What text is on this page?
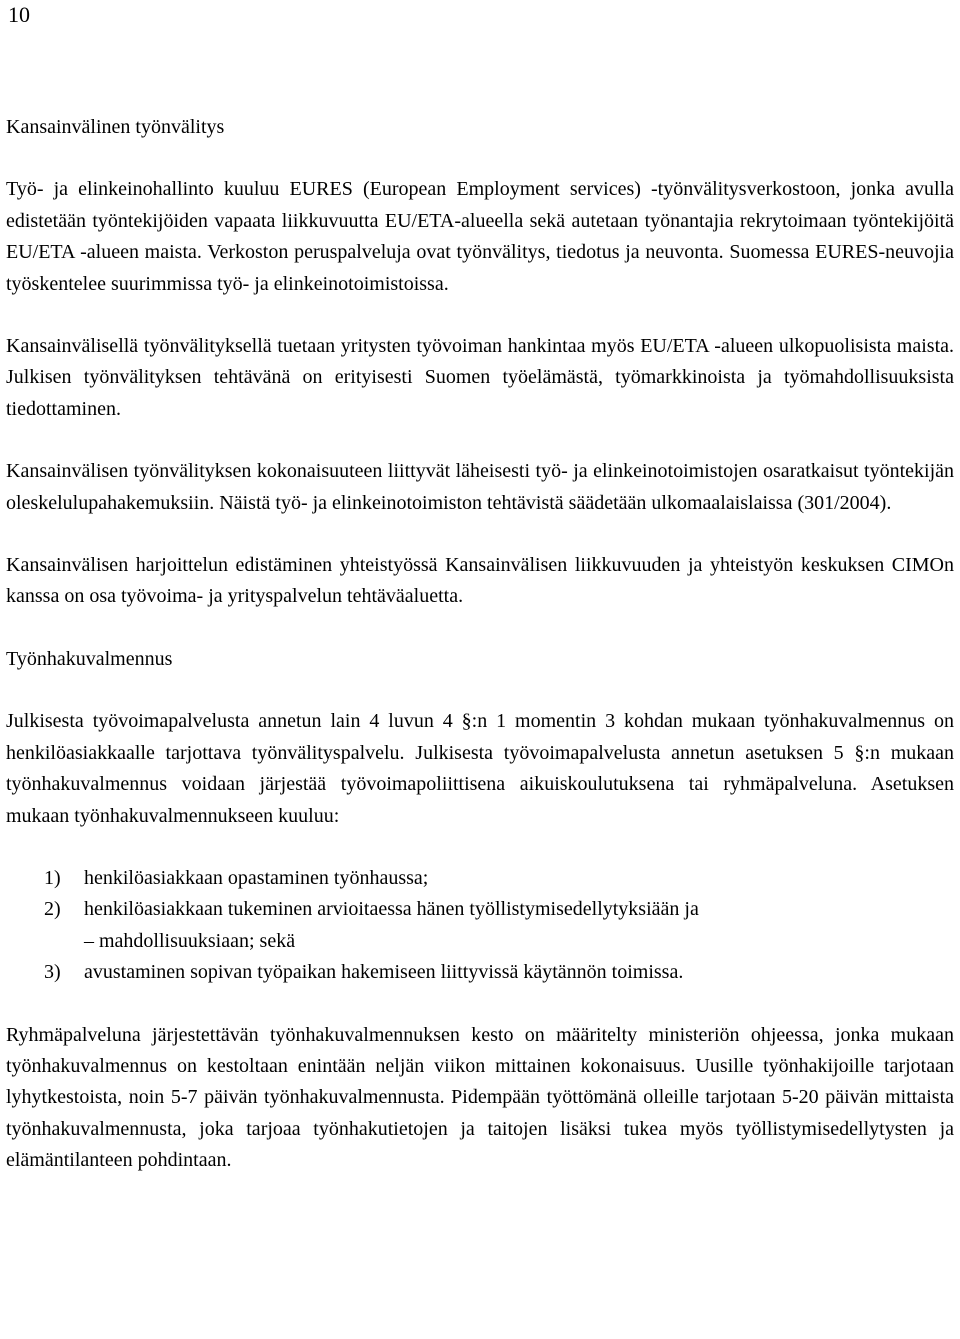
10
Kansainvälinen työnvälitys

Työ- ja elinkeinohallinto kuuluu EURES (European Employment services) -työnvälitysverkostoon, jonka avulla edistetään työntekijöiden vapaata liikkuvuutta EU/ETA-alueella sekä autetaan työnantajia rekrytoimaan työntekijöitä EU/ETA -alueen maista. Verkoston peruspalveluja ovat työnvälitys, tiedotus ja neuvonta. Suomessa EURES-neuvojia työskentelee suurimmissa työ- ja elinkeinotoimistoissa.

Kansainvälisellä työnvälityksellä tuetaan yritysten työvoiman hankintaa myös EU/ETA -alueen ulkopuolisista maista. Julkisen työnvälityksen tehtävänä on erityisesti Suomen työelämästä, työmarkkinoista ja työmahdollisuuksista tiedottaminen.

Kansainvälisen työnvälityksen kokonaisuuteen liittyvät läheisesti työ- ja elinkeinotoimistojen osaratkaisut työntekijän oleskelulupahakemuksiin. Näistä työ- ja elinkeinotoimiston tehtävistä säädetään ulkomaalaislaissa (301/2004).

Kansainvälisen harjoittelun edistäminen yhteistyössä Kansainvälisen liikkuvuuden ja yhteistyön keskuksen CIMOn kanssa on osa työvoima- ja yrityspalvelun tehtäväaluetta.

Työnhakuvalmennus

Julkisesta työvoimapalvelusta annetun lain 4 luvun 4 §:n 1 momentin 3 kohdan mukaan työnhakuvalmennus on henkilöasiakkaalle tarjottava työnvälityspalvelu. Julkisesta työvoimapalvelusta annetun asetuksen 5 §:n mukaan työnhakuvalmennus voidaan järjestää työvoimapoliittisena aikuiskoulutuksena tai ryhmäpalveluna. Asetuksen mukaan työnhakuvalmennukseen kuuluu:

1) henkilöasiakkaan opastaminen työnhaussa;
2) henkilöasiakkaan tukeminen arvioitaessa hänen työllistymisedellytyksiään ja
– mahdollisuuksiaan; sekä
3) avustaminen sopivan työpaikan hakemiseen liittyvissä käytännön toimissa.

Ryhmäpalveluna järjestettävän työnhakuvalmennuksen kesto on määritelty ministeriön ohjeessa, jonka mukaan työnhakuvalmennus on kestoltaan enintään neljän viikon mittainen kokonaisuus. Uusille työnhakijoille tarjotaan lyhytkestoista, noin 5-7 päivän työnhakuvalmennusta. Pidempään työttömänä olleille tarjotaan 5-20 päivän mittaista työnhakuvalmennusta, joka tarjoaa työnhakutietojen ja taitojen lisäksi tukea myös työllistymisedellytysten ja elämäntilanteen pohdintaan.
